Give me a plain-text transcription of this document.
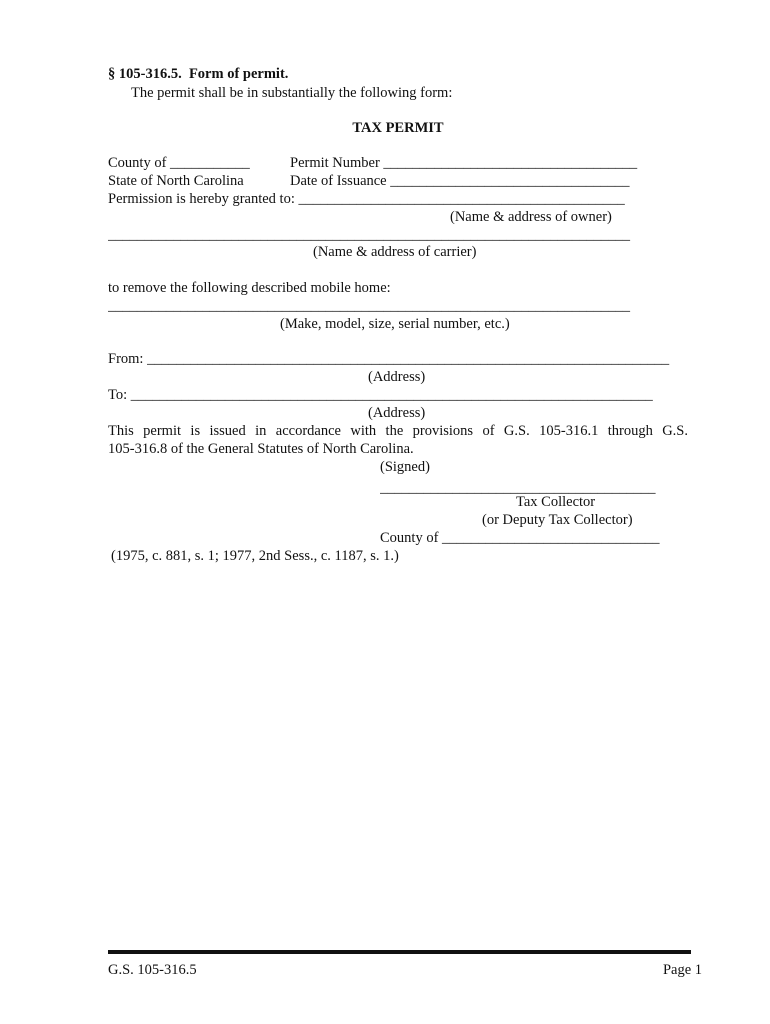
§ 105-316.5.  Form of permit.
The permit shall be in substantially the following form:
TAX PERMIT
County of ___________	Permit Number ___________________________________
State of North Carolina	Date of Issuance _________________________________
Permission is hereby granted to: _____________________________________________
(Name & address of owner)
________________________________________________________________________
(Name & address of carrier)
to remove the following described mobile home:
________________________________________________________________________
(Make, model, size, serial number, etc.)
From: ________________________________________________________________________
(Address)
To: ________________________________________________________________________
(Address)
This permit is issued in accordance with the provisions of G.S. 105-316.1 through G.S.
105-316.8 of the General Statutes of North Carolina.
(Signed)
______________________________________
Tax Collector
(or Deputy Tax Collector)
County of ______________________________
(1975, c. 881, s. 1; 1977, 2nd Sess., c. 1187, s. 1.)
G.S. 105-316.5	Page 1
